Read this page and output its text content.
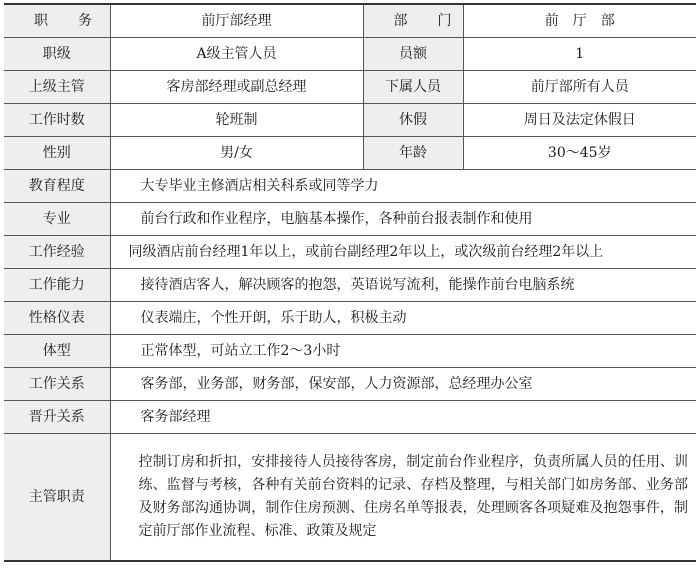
职务	前厅部经理	部门	前厅部
职级	A级主管人员	员额	1
上级主管	客房部经理或副总经理	下属人员	前厅部所有人员
工作时数	轮班制	休假	周日及法定休假日
性别	男/女	年龄	30～45岁
教育程度	大专毕业主修酒店相关科系或同等学力		
专业	前台行政和作业程序，电脑基本操作，各种前台报表制作和使用		
工作经验	同级酒店前台经理1年以上，或前台副经理2年以上，或次级前台经理2年以上		
工作能力	接待酒店客人，解决顾客的抱怨，英语说写流利，能操作前台电脑系统		
性格仪表	仪表端庄，个性开朗，乐于助人，积极主动		
体型	正常体型，可站立工作2～3小时		
工作关系	客务部，业务部，财务部，保安部，人力资源部，总经理办公室		
晋升关系	客务部经理		
主管职责	控制订房和折扣，安排接待人员接待客房，制定前台作业程序，负责所属人员的任用、训练、监督与考核，各种有关前台资料的记录、存档及整理，与相关部门如房务部、业务部及财务部沟通协调，制作住房预测、住房名单等报表，处理顾客各项疑难及抱怨事件，制定前厅部作业流程、标准、政策及规定		
